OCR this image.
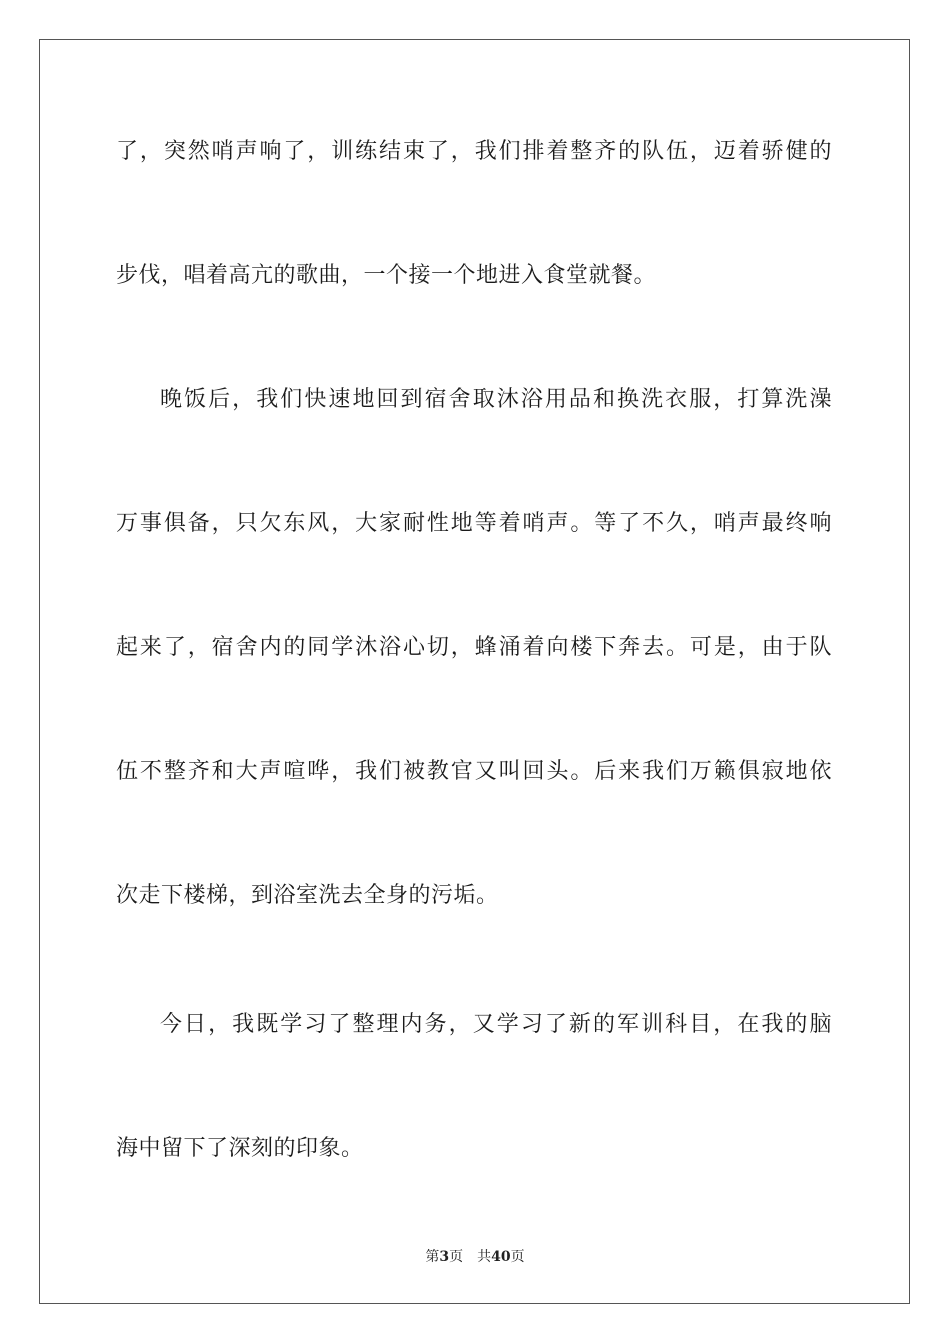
了，突然哨声响了，训练结束了，我们排着整齐的队伍，迈着骄健的
步伐，唱着高亢的歌曲，一个接一个地进入食堂就餐。
晚饭后，我们快速地回到宿舍取沐浴用品和换洗衣服，打算洗澡
万事俱备，只欠东风，大家耐性地等着哨声。等了不久，哨声最终响
起来了，宿舍内的同学沐浴心切，蜂涌着向楼下奔去。可是，由于队
伍不整齐和大声喧哗，我们被教官又叫回头。后来我们万籁俱寂地依
次走下楼梯，到浴室洗去全身的污垢。
今日，我既学习了整理内务，又学习了新的军训科目，在我的脑
海中留下了深刻的印象。
第3页 共40页
